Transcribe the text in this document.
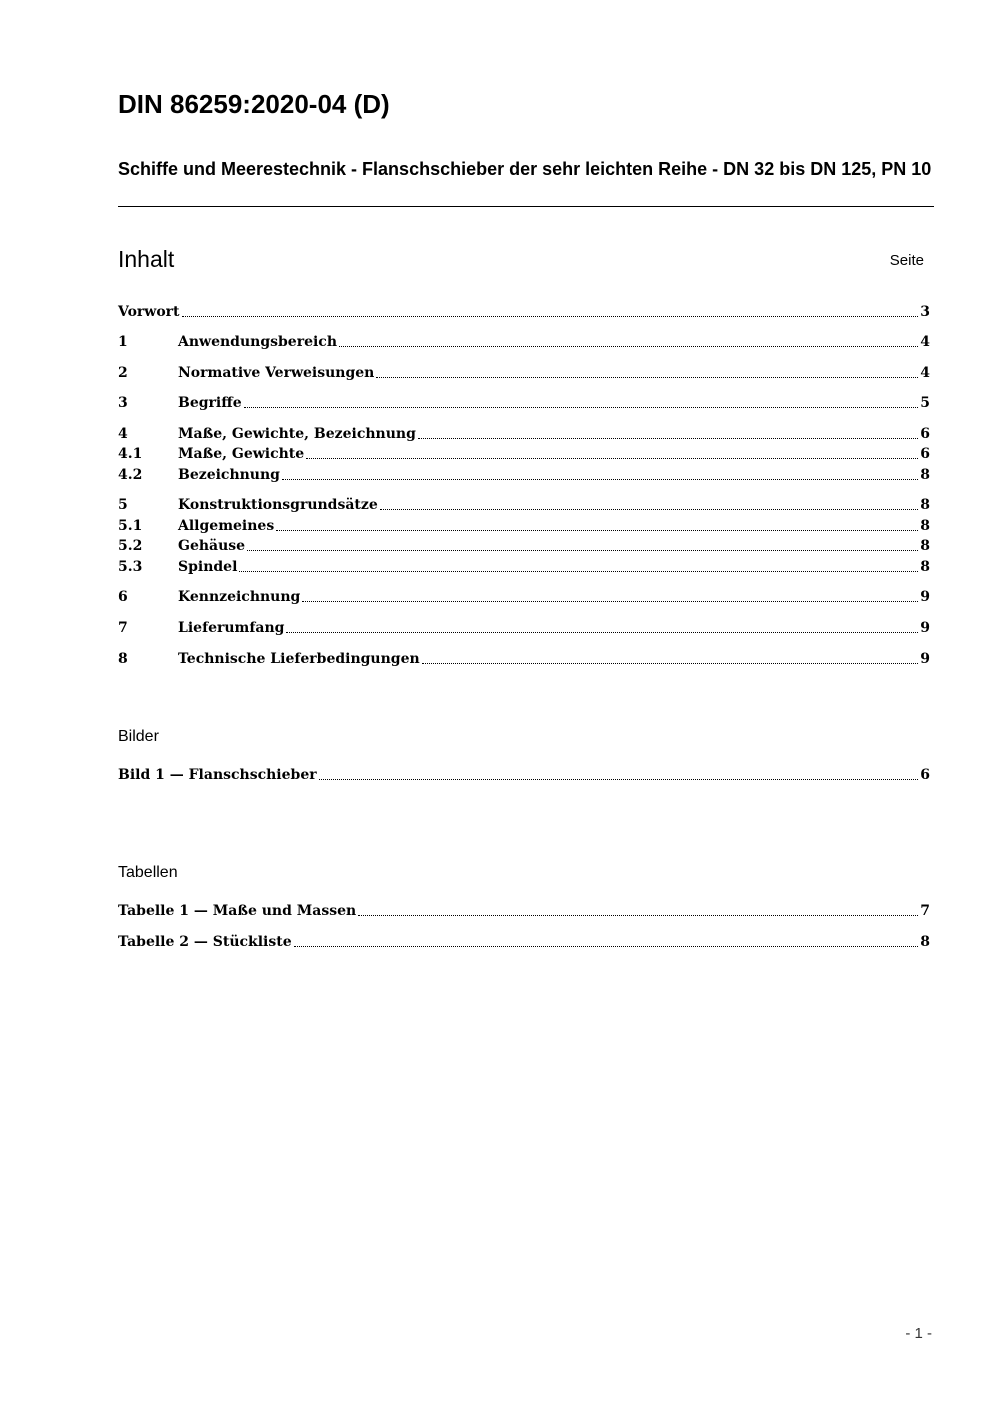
DIN 86259:2020-04 (D)
Schiffe und Meerestechnik - Flanschschieber der sehr leichten Reihe - DN 32 bis DN 125, PN 10
Inhalt	Seite
Vorwort	3
1	Anwendungsbereich	4
2	Normative Verweisungen	4
3	Begriffe	5
4	Maße, Gewichte, Bezeichnung	6
4.1	Maße, Gewichte	6
4.2	Bezeichnung	8
5	Konstruktionsgrundsätze	8
5.1	Allgemeines	8
5.2	Gehäuse	8
5.3	Spindel	8
6	Kennzeichnung	9
7	Lieferumfang	9
8	Technische Lieferbedingungen	9
Bilder
Bild 1 — Flanschschieber	6
Tabellen
Tabelle 1 — Maße und Massen	7
Tabelle 2 — Stückliste	8
- 1 -
